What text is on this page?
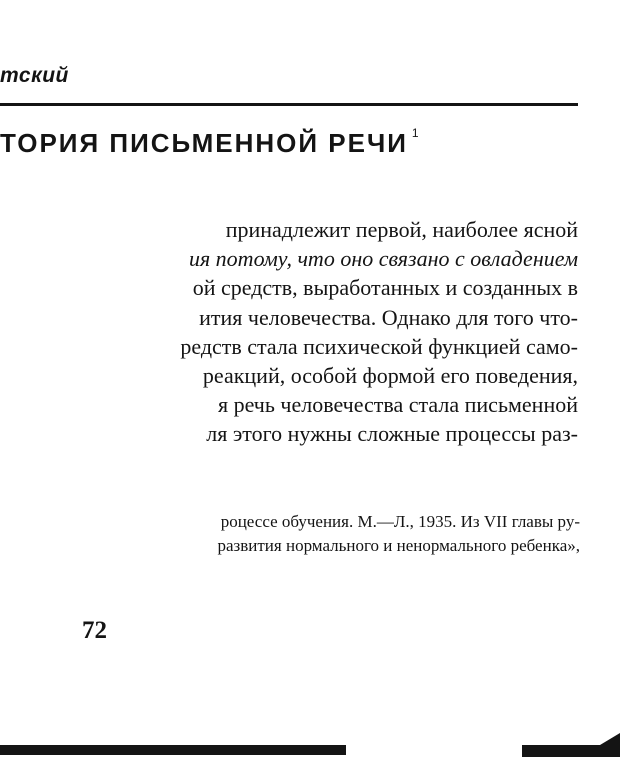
тский
ТОРИЯ ПИСЬМЕННОЙ РЕЧИ $^1$
принадлежит первой, наиболее ясной
ия потому, что оно связано с овладением
ой средств, выработанных и созданных в
ития человечества. Однако для того что-
редств стала психической функцией само-
реакций, особой формой его поведения,
я речь человечества стала письменной
ля этого нужны сложные процессы раз-
роцессе обучения. М.—Л., 1935. Из VII главы ру-
развития нормального и ненормального ребенка»,
72
